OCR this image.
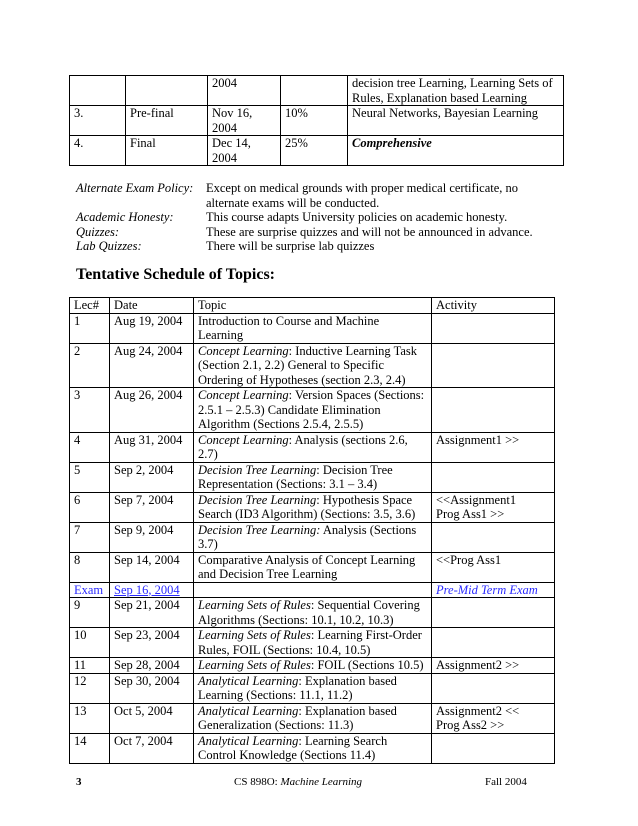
		2004		decision tree Learning, Learning Sets of Rules, Explanation based Learning
3.	Pre-final	Nov 16, 2004	10%	Neural Networks, Bayesian Learning
4.	Final	Dec 14, 2004	25%	Comprehensive
Alternate Exam Policy:	Except on medical grounds with proper medical certificate, no alternate exams will be conducted.
Academic Honesty:	This course adapts University policies on academic honesty.
Quizzes:	These are surprise quizzes and will not be announced in advance.
Lab Quizzes:	There will be surprise lab quizzes
Tentative Schedule of Topics:
Lec#	Date	Topic	Activity
1	Aug 19, 2004	Introduction to Course and Machine Learning	

2	Aug 24, 2004	Concept Learning: Inductive Learning Task (Section 2.1, 2.2) General to Specific Ordering of Hypotheses (section 2.3, 2.4)	

3	Aug 26, 2004	Concept Learning: Version Spaces (Sections: 2.5.1 – 2.5.3) Candidate Elimination Algorithm (Sections 2.5.4, 2.5.5)	

4	Aug 31, 2004	Concept Learning: Analysis (sections 2.6, 2.7)	Assignment1 >>

5	Sep 2, 2004	Decision Tree Learning: Decision Tree Representation (Sections: 3.1 – 3.4)	

6	Sep 7, 2004	Decision Tree Learning: Hypothesis Space Search (ID3 Algorithm) (Sections: 3.5, 3.6)	<<Assignment1
Prog Ass1 >>

7	Sep 9, 2004	Decision Tree Learning: Analysis (Sections 3.7)	

8	Sep 14, 2004	Comparative Analysis of Concept Learning and Decision Tree Learning	<<Prog Ass1

Exam	Sep 16, 2004		Pre-Mid Term Exam

9	Sep 21, 2004	Learning Sets of Rules: Sequential Covering Algorithms (Sections: 10.1, 10.2, 10.3)	

10	Sep 23, 2004	Learning Sets of Rules: Learning First-Order Rules, FOIL (Sections: 10.4, 10.5)	

11	Sep 28, 2004	Learning Sets of Rules: FOIL (Sections 10.5)	Assignment2 >>

12	Sep 30, 2004	Analytical Learning: Explanation based Learning (Sections: 11.1, 11.2)	

13	Oct 5, 2004	Analytical Learning: Explanation based Generalization (Sections: 11.3)	Assignment2 <<
Prog Ass2 >>

14	Oct 7, 2004	Analytical Learning: Learning Search Control Knowledge (Sections 11.4)	
3	CS 898O: Machine Learning	Fall 2004
